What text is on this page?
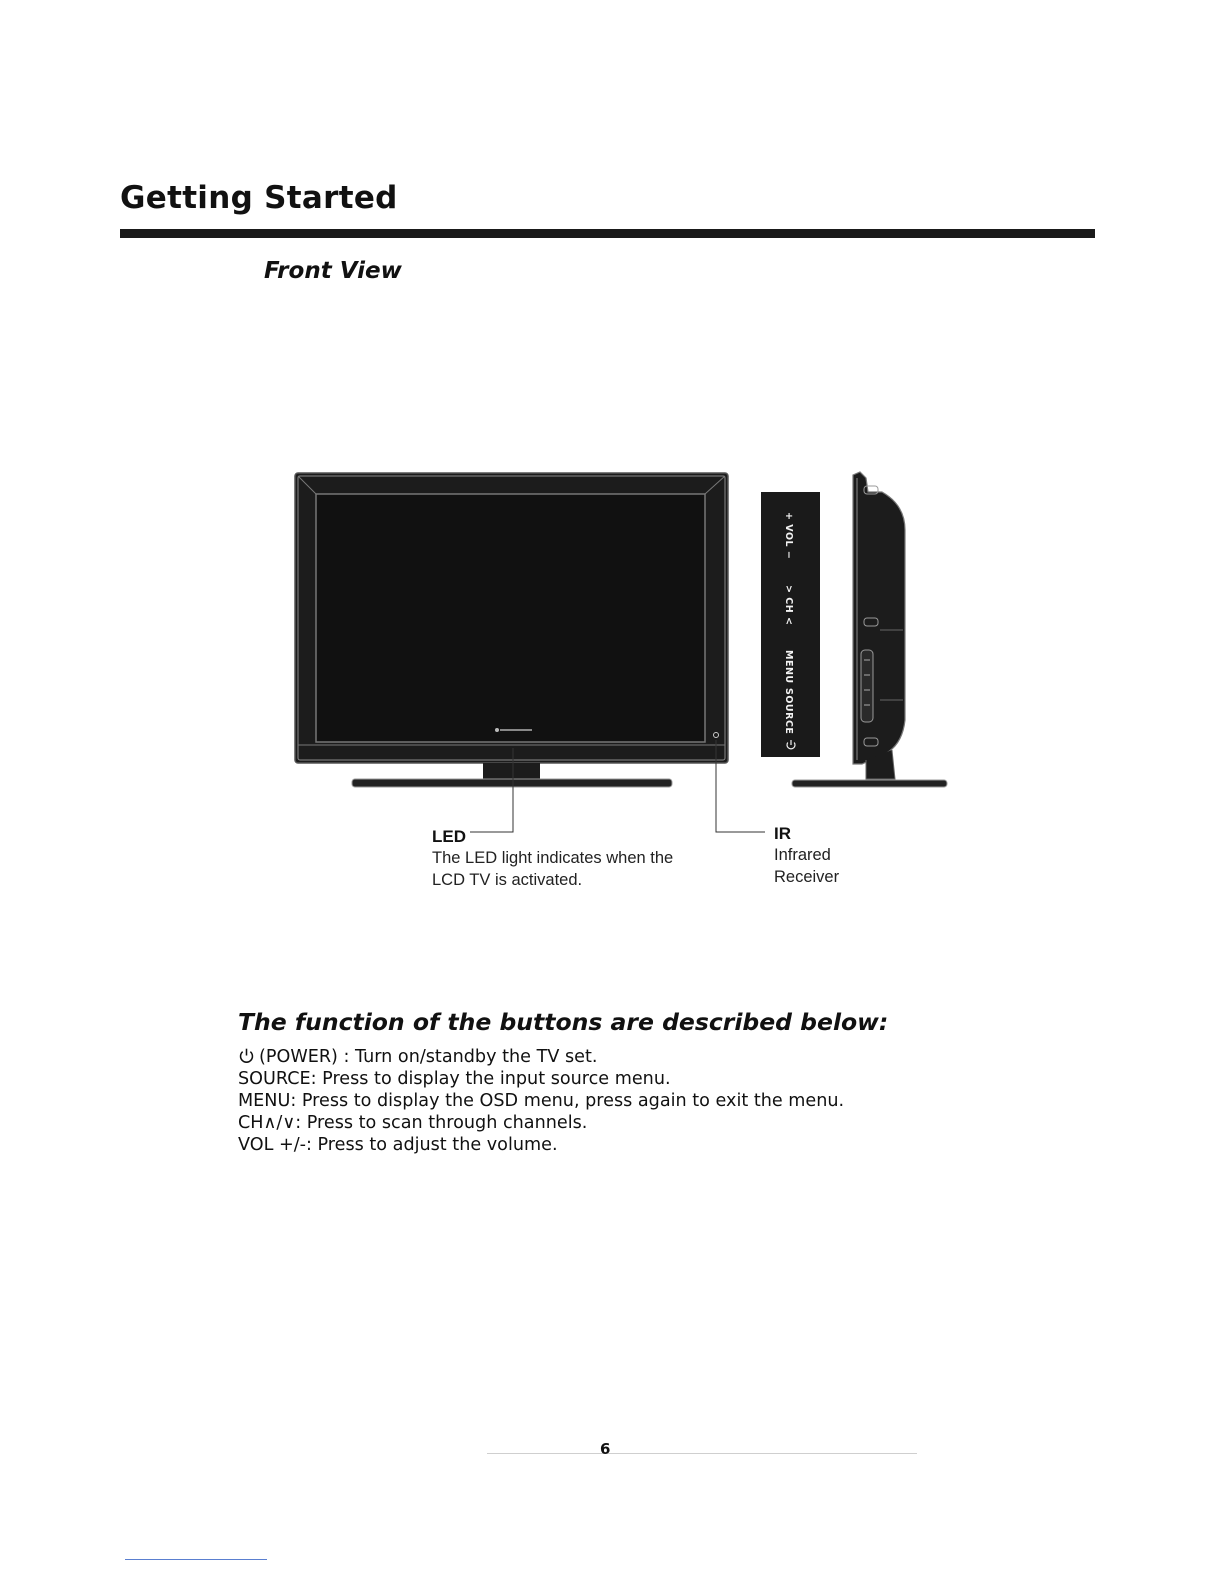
Getting Started
Front View
+ VOL −
> CH <
MENU
SOURCE
LED
The LED light indicates when the
LCD TV is activated.
IR
Infrared
Receiver
The function of the buttons are described below:
(POWER) : Turn on/standby the TV set.
SOURCE: Press to display the input source menu.
MENU: Press to display the OSD menu, press again to exit the menu.
CH∧/∨: Press to scan through channels.
VOL +/-: Press to adjust the volume.
6
